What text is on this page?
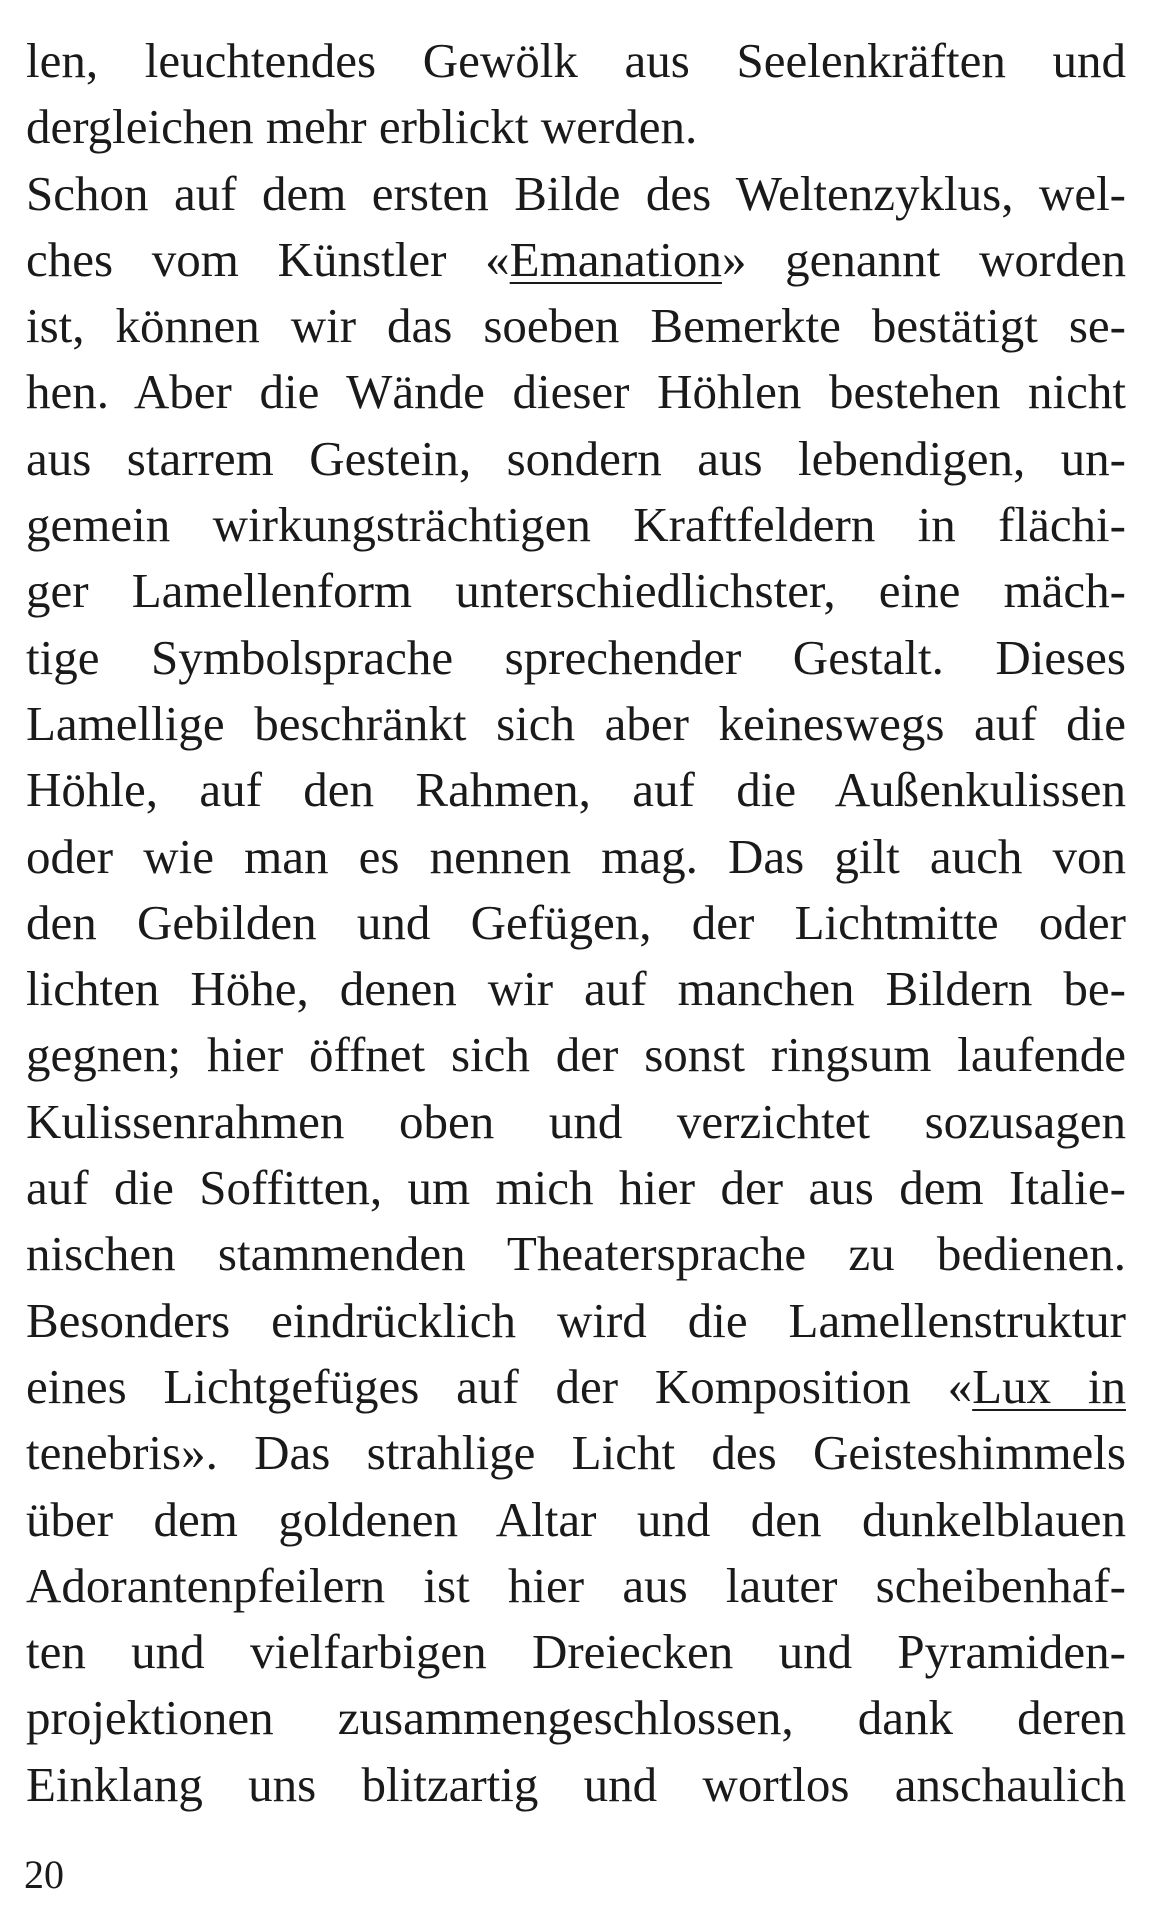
len, leuchtendes Gewölk aus Seelenkräften und
dergleichen mehr erblickt werden.
Schon auf dem ersten Bilde des Weltenzyklus, wel-
ches vom Künstler «Emanation» genannt worden
ist, können wir das soeben Bemerkte bestätigt se-
hen. Aber die Wände dieser Höhlen bestehen nicht
aus starrem Gestein, sondern aus lebendigen, un-
gemein wirkungsträchtigen Kraftfeldern in flächi-
ger Lamellenform unterschiedlichster, eine mäch-
tige Symbolsprache sprechender Gestalt. Dieses
Lamellige beschränkt sich aber keineswegs auf die
Höhle, auf den Rahmen, auf die Außenkulissen
oder wie man es nennen mag. Das gilt auch von
den Gebilden und Gefügen, der Lichtmitte oder
lichten Höhe, denen wir auf manchen Bildern be-
gegnen; hier öffnet sich der sonst ringsum laufende
Kulissenrahmen oben und verzichtet sozusagen
auf die Soffitten, um mich hier der aus dem Italie-
nischen stammenden Theatersprache zu bedienen.
Besonders eindrücklich wird die Lamellenstruktur
eines Lichtgefüges auf der Komposition «Lux in
tenebris». Das strahlige Licht des Geisteshimmels
über dem goldenen Altar und den dunkelblauen
Adorantenpfeilern ist hier aus lauter scheibenhaf-
ten und vielfarbigen Dreiecken und Pyramiden-
projektionen zusammengeschlossen, dank deren
Einklang uns blitzartig und wortlos anschaulich
20
